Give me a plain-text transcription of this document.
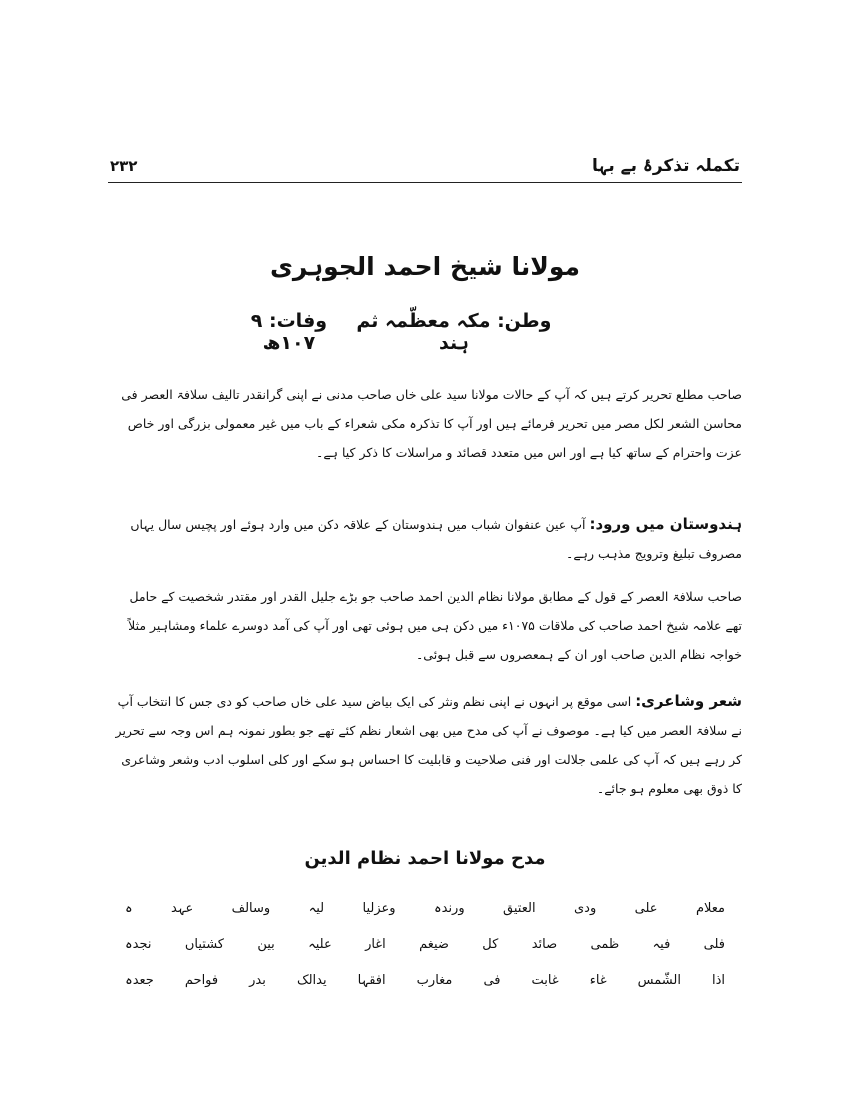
۲۳۲	تکملہ تذکرۂ بے بہا
مولانا شیخ احمد الجوہری
وطن: مکہ معظّمہ ثم ہند
وفات: ۹ ۱۰۷ھ
صاحب مطلع تحریر کرتے ہیں کہ آپ کے حالات مولانا سید علی خاں صاحب مدنی نے اپنی گرانقدر تالیف سلافۃ العصر فی محاسن الشعر لکل مصر میں تحریر فرمائے ہیں اور آپ کا تذکرہ مکی شعراء کے باب میں غیر معمولی بزرگی اور خاص عزت واحترام کے ساتھ کیا ہے اور اس میں متعدد قصائد و مراسلات کا ذکر کیا ہے۔
ہندوستان میں ورود: آپ عین عنفوان شباب میں ہندوستان کے علاقہ دکن میں وارد ہوئے اور پچیس سال یہاں مصروف تبلیغ وترویج مذہب رہے۔
صاحب سلافۃ العصر کے قول کے مطابق مولانا نظام الدین احمد صاحب جو بڑے جلیل القدر اور مقتدر شخصیت کے حامل تھے علامہ شیخ احمد صاحب کی ملاقات ۱۰۷۵ء میں دکن ہی میں ہوئی تھی اور آپ کی آمد دوسرے علماء ومشاہیر مثلاً خواجہ نظام الدین صاحب اور ان کے ہمعصروں سے قبل ہوئی۔
شعر وشاعری: اسی موقع پر انہوں نے اپنی نظم ونثر کی ایک بیاض سید علی خاں صاحب کو دی جس کا انتخاب آپ نے سلافۃ العصر میں کیا ہے۔ موصوف نے آپ کی مدح میں بھی اشعار نظم کئے تھے جو بطور نمونہ ہم اس وجہ سے تحریر کر رہے ہیں کہ آپ کی علمی جلالت اور فنی صلاحیت و قابلیت کا احساس ہو سکے اور کلی اسلوب ادب وشعر وشاعری کا ذوق بھی معلوم ہو جائے۔
مدح مولانا احمد نظام الدین
معلام
علی
ودی
العتیق
ورندہ
وعزلیا
لیہ
وسالف
عہد
ہ
فلی
فیہ
ظمی
صائد
کل
ضیغم
اغار
علیہ
بین
کشتیاں
نجدہ
اذا
الشّمس
غاء
غابت
فی
مغارب
افقہا
یدالک
بدر
فواحم
جعدہ
